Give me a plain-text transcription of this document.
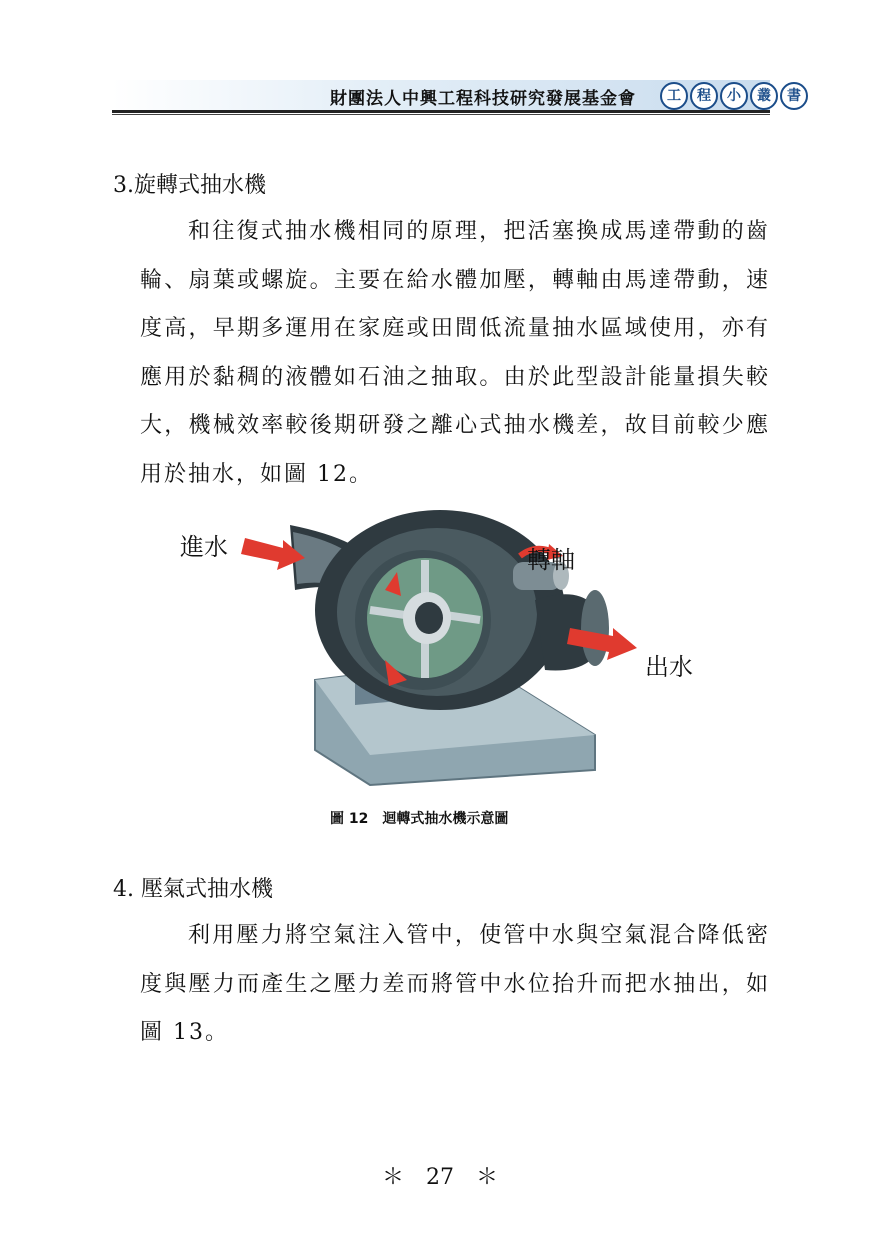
財團法人中興工程科技研究發展基金會	工	程	小	叢	書
3.旋轉式抽水機

和往復式抽水機相同的原理，把活塞換成馬達帶動的齒輪、扇葉或螺旋。主要在給水體加壓，轉軸由馬達帶動，速度高，早期多運用在家庭或田間低流量抽水區域使用，亦有應用於黏稠的液體如石油之抽取。由於此型設計能量損失較大，機械效率較後期研發之離心式抽水機差，故目前較少應用於抽水，如圖 12。

進水	轉軸
出水
圖 12　迴轉式抽水機示意圖
4. 壓氣式抽水機

利用壓力將空氣注入管中，使管中水與空氣混合降低密度與壓力而產生之壓力差而將管中水位抬升而把水抽出，如圖 13。

＊　27　＊
